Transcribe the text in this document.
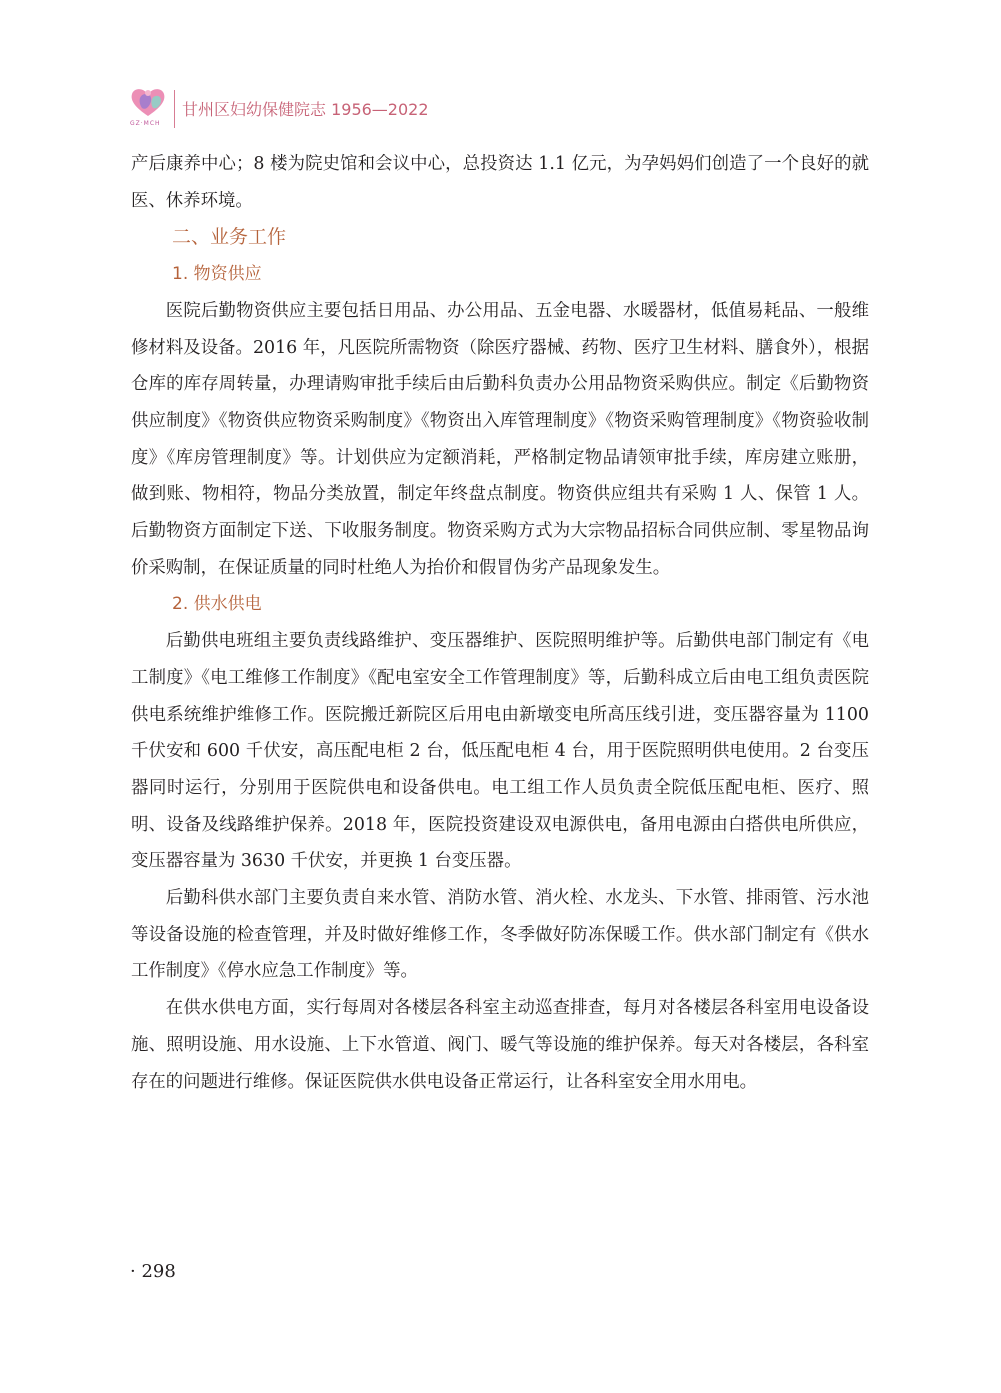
GZ·MCH
甘州区妇幼保健院志 1956—2022

产后康养中心；8 楼为院史馆和会议中心，总投资达 1.1 亿元，为孕妈妈们创造了一个良好的就医、休养环境。

二、业务工作

1. 物资供应

医院后勤物资供应主要包括日用品、办公用品、五金电器、水暖器材，低值易耗品、一般维修材料及设备。2016 年，凡医院所需物资（除医疗器械、药物、医疗卫生材料、膳食外），根据仓库的库存周转量，办理请购审批手续后由后勤科负责办公用品物资采购供应。制定《后勤物资供应制度》《物资供应物资采购制度》《物资出入库管理制度》《物资采购管理制度》《物资验收制度》《库房管理制度》等。计划供应为定额消耗，严格制定物品请领审批手续，库房建立账册，做到账、物相符，物品分类放置，制定年终盘点制度。物资供应组共有采购 1 人、保管 1 人。后勤物资方面制定下送、下收服务制度。物资采购方式为大宗物品招标合同供应制、零星物品询价采购制，在保证质量的同时杜绝人为抬价和假冒伪劣产品现象发生。

2. 供水供电

后勤供电班组主要负责线路维护、变压器维护、医院照明维护等。后勤供电部门制定有《电工制度》《电工维修工作制度》《配电室安全工作管理制度》等，后勤科成立后由电工组负责医院供电系统维护维修工作。医院搬迁新院区后用电由新墩变电所高压线引进，变压器容量为 1100 千伏安和 600 千伏安，高压配电柜 2 台，低压配电柜 4 台，用于医院照明供电使用。2 台变压器同时运行，分别用于医院供电和设备供电。电工组工作人员负责全院低压配电柜、医疗、照明、设备及线路维护保养。2018 年，医院投资建设双电源供电，备用电源由白搭供电所供应，变压器容量为 3630 千伏安，并更换 1 台变压器。

后勤科供水部门主要负责自来水管、消防水管、消火栓、水龙头、下水管、排雨管、污水池等设备设施的检查管理，并及时做好维修工作，冬季做好防冻保暖工作。供水部门制定有《供水工作制度》《停水应急工作制度》等。

在供水供电方面，实行每周对各楼层各科室主动巡查排查，每月对各楼层各科室用电设备设施、照明设施、用水设施、上下水管道、阀门、暖气等设施的维护保养。每天对各楼层，各科室存在的问题进行维修。保证医院供水供电设备正常运行，让各科室安全用水用电。

· 298
